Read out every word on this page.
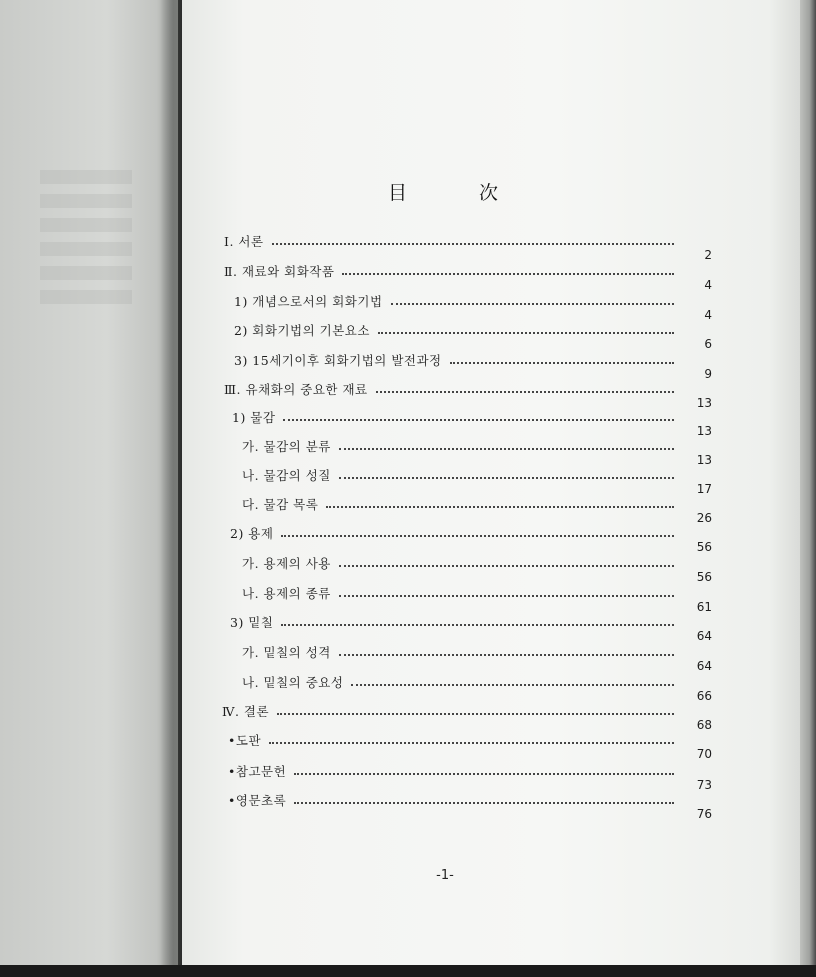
目	次
Ⅰ. 서론
2
Ⅱ. 재료와 회화작품
4
1) 개념으로서의 회화기법
4
2) 회화기법의 기본요소
6
3) 15세기이후 회화기법의 발전과정
9
Ⅲ. 유채화의 중요한 재료
13
1) 물감
13
가. 물감의 분류
13
나. 물감의 성질
17
다. 물감 목록
26
2) 용제
56
가. 용제의 사용
56
나. 용제의 종류
61
3) 밑칠
64
가. 밑칠의 성격
64
나. 밑칠의 중요성
66
Ⅳ. 결론
68
•도판
70
•참고문헌
73
•영문초록
76
-1-
